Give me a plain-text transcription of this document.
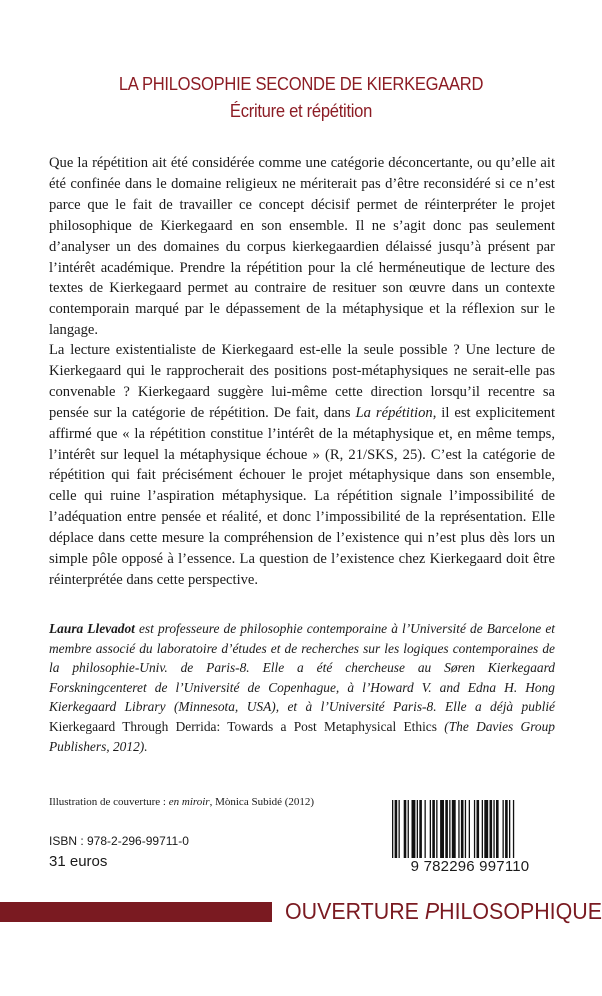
LA PHILOSOPHIE SECONDE DE KIERKEGAARD
Écriture et répétition

Que la répétition ait été considérée comme une catégorie déconcertante, ou qu’elle ait été confinée dans le domaine religieux ne mériterait pas d’être reconsidéré si ce n’est parce que le fait de travailler ce concept décisif permet de réinterpréter le projet philosophique de Kierkegaard en son ensemble. Il ne s’agit donc pas seulement d’analyser un des domaines du corpus kierkegaardien délaissé jusqu’à présent par l’intérêt académique. Prendre la répétition pour la clé herméneutique de lecture des textes de Kierkegaard permet au contraire de resituer son œuvre dans un contexte contemporain marqué par le dépassement de la métaphysique et la réflexion sur le langage.

La lecture existentialiste de Kierkegaard est-elle la seule possible ? Une lecture de Kierkegaard qui le rapprocherait des positions post-métaphysiques ne serait-elle pas convenable ? Kierkegaard suggère lui-même cette direction lorsqu’il recentre sa pensée sur la catégorie de répétition. De fait, dans La répétition, il est explicitement affirmé que « la répétition constitue l’intérêt de la métaphysique et, en même temps, l’intérêt sur lequel la métaphysique échoue » (R, 21/SKS, 25). C’est la catégorie de répétition qui fait précisément échouer le projet métaphysique dans son ensemble, celle qui ruine l’aspiration métaphysique. La répétition signale l’impossibilité de l’adéquation entre pensée et réalité, et donc l’impossibilité de la représentation. Elle déplace dans cette mesure la compréhension de l’existence qui n’est plus dès lors un simple pôle opposé à l’essence. La question de l’existence chez Kierkegaard doit être réinterprétée dans cette perspective.

Laura Llevadot est professeure de philosophie contemporaine à l’Université de Barcelone et membre associé du laboratoire d’études et de recherches sur les logiques contemporaines de la philosophie-Univ. de Paris-8. Elle a été chercheuse au Søren Kierkegaard Forskningcenteret de l’Université de Copenhague, à l’Howard V. and Edna H. Hong Kierkegaard Library (Minnesota, USA), et à l’Université Paris-8. Elle a déjà publié Kierkegaard Through Derrida: Towards a Post Metaphysical Ethics (The Davies Group Publishers, 2012).
Illustration de couverture : en miroir, Mònica Subidé (2012)
ISBN : 978-2-296-99711-0
31 euros	9 782296 997110
OUVERTURE PHILOSOPHIQUE
